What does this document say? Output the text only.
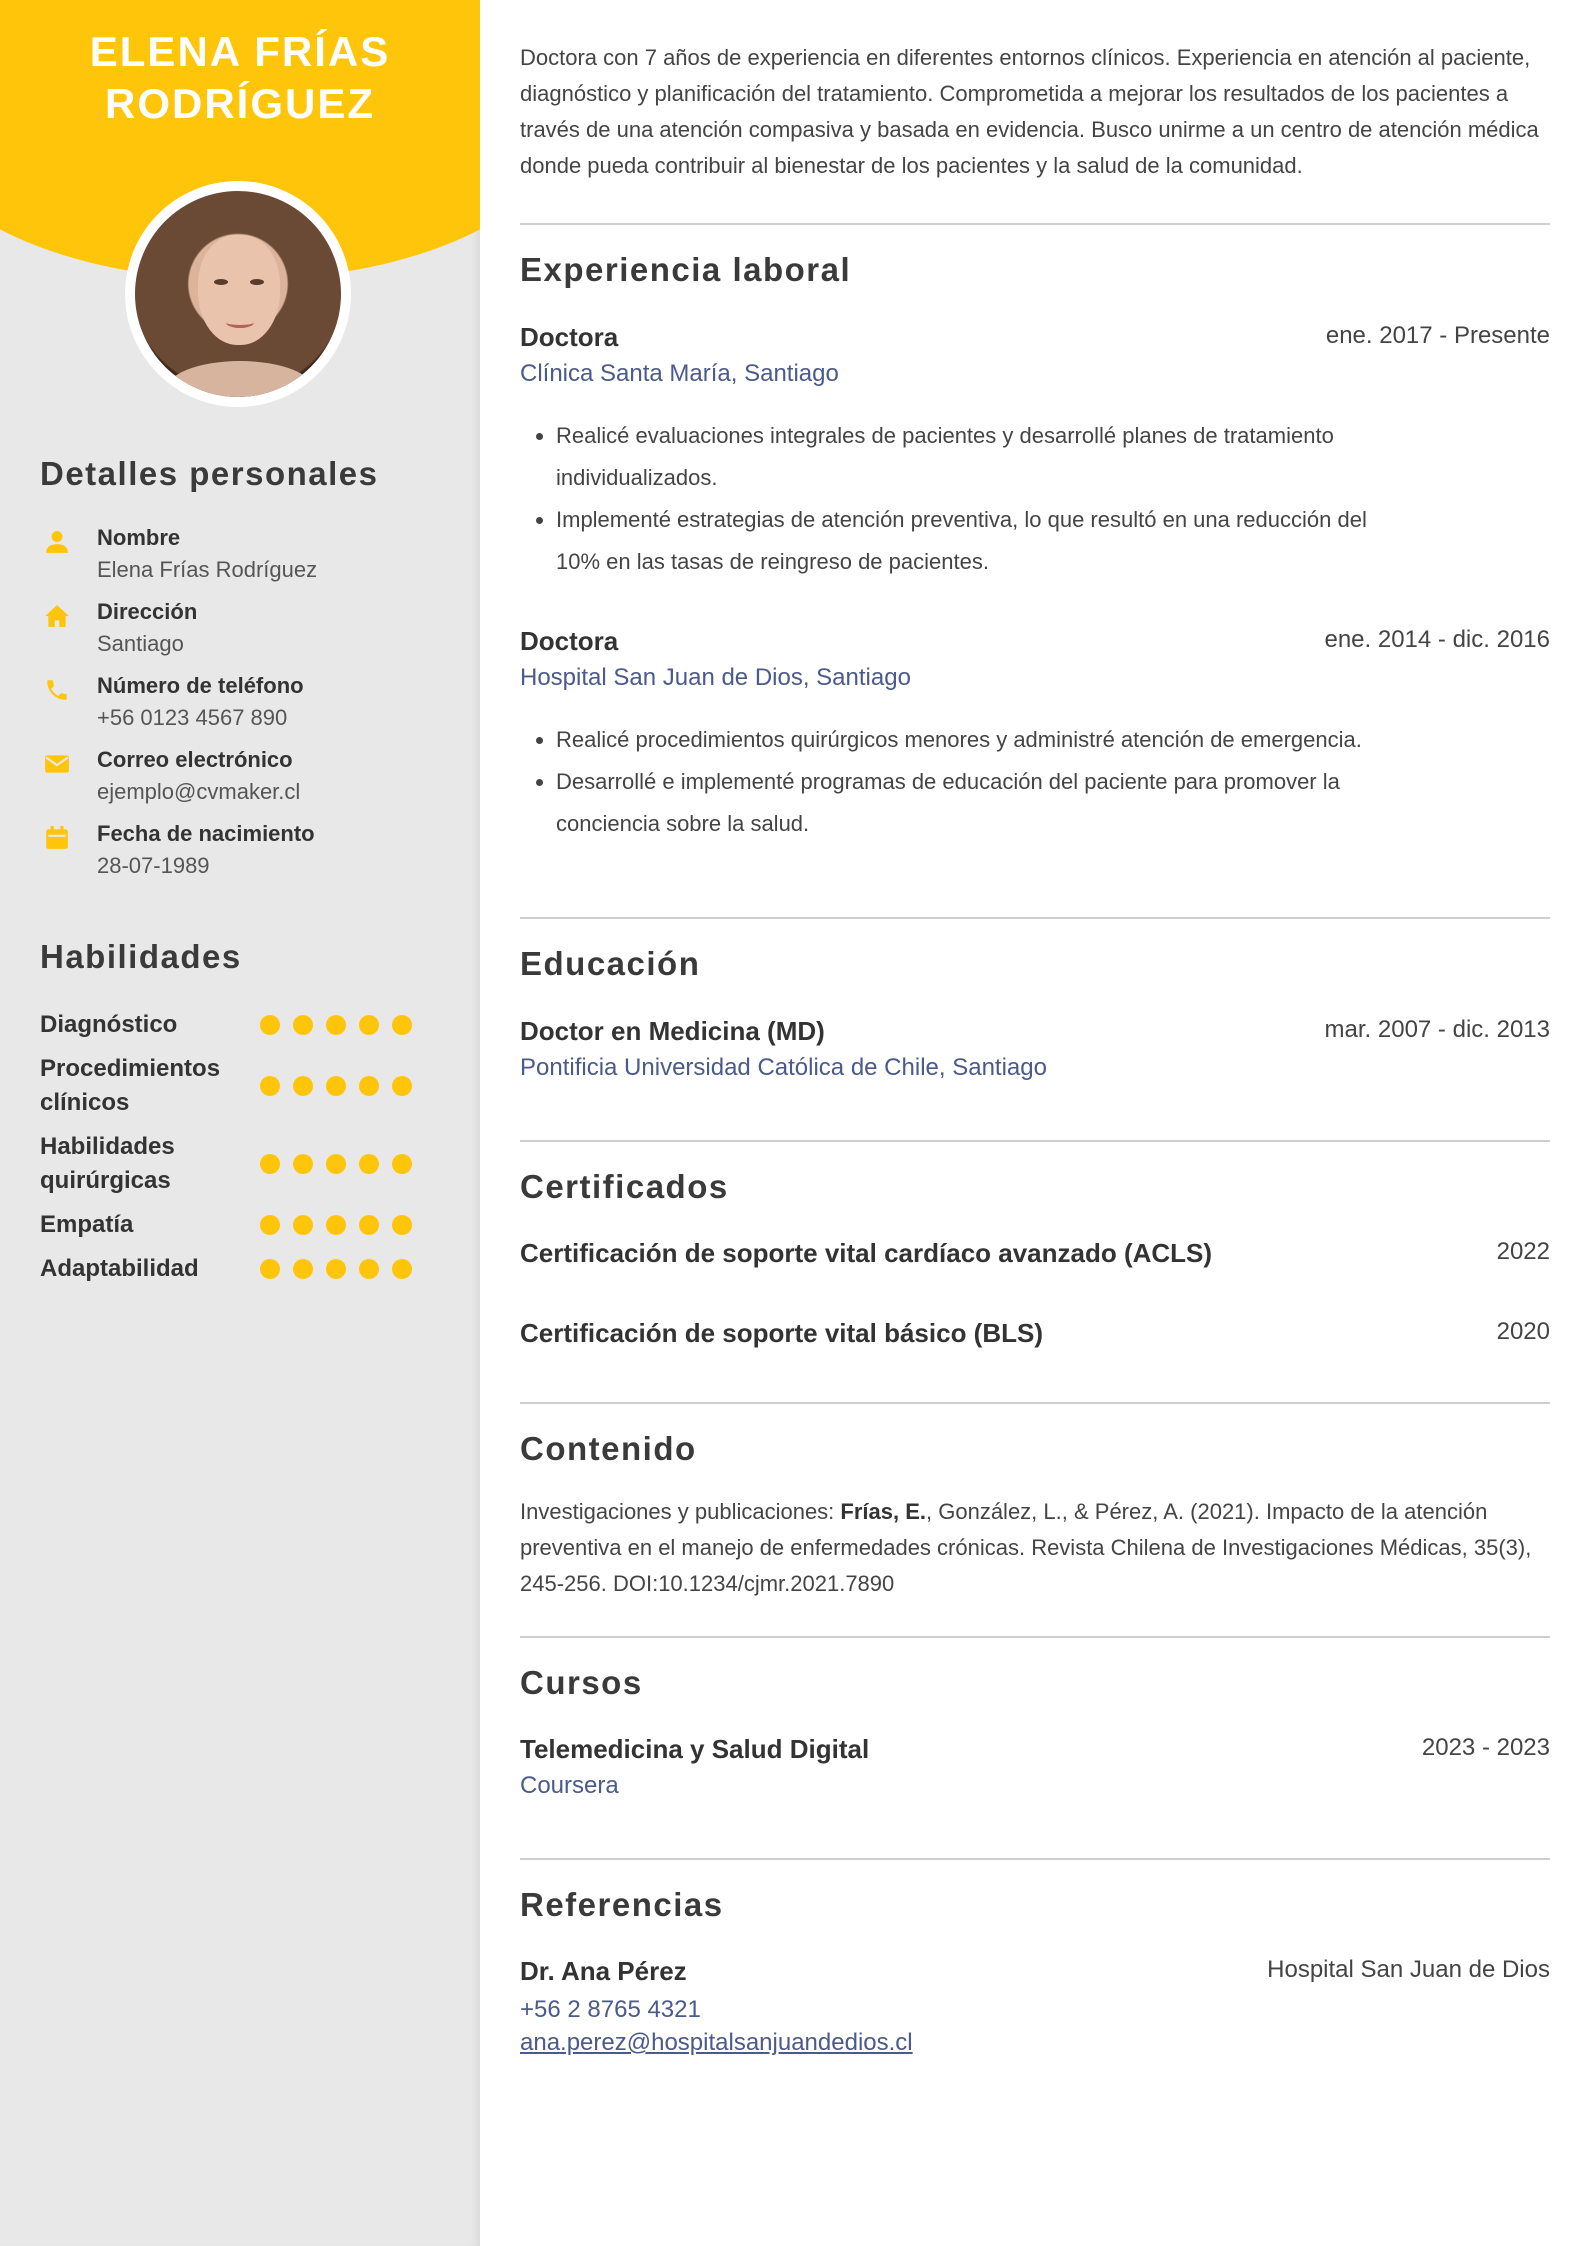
ELENA FRÍAS
RODRÍGUEZ
Detalles personales
Nombre
Elena Frías Rodríguez
Dirección
Santiago
Número de teléfono
+56 0123 4567 890
Correo electrónico
ejemplo@cvmaker.cl
Fecha de nacimiento
28-07-1989
Habilidades
Diagnóstico
Procedimientos
clínicos
Habilidades
quirúrgicas
Empatía
Adaptabilidad
Doctora con 7 años de experiencia en diferentes entornos clínicos. Experiencia en atención al paciente, diagnóstico y planificación del tratamiento. Comprometida a mejorar los resultados de los pacientes a través de una atención compasiva y basada en evidencia. Busco unirme a un centro de atención médica donde pueda contribuir al bienestar de los pacientes y la salud de la comunidad.
Experiencia laboral
Doctora	ene. 2017 - Presente
Clínica Santa María, Santiago
• Realicé evaluaciones integrales de pacientes y desarrollé planes de tratamiento individualizados.
• Implementé estrategias de atención preventiva, lo que resultó en una reducción del 10% en las tasas de reingreso de pacientes.
Doctora	ene. 2014 - dic. 2016
Hospital San Juan de Dios, Santiago
• Realicé procedimientos quirúrgicos menores y administré atención de emergencia.
• Desarrollé e implementé programas de educación del paciente para promover la conciencia sobre la salud.
Educación
Doctor en Medicina (MD)	mar. 2007 - dic. 2013
Pontificia Universidad Católica de Chile, Santiago
Certificados
Certificación de soporte vital cardíaco avanzado (ACLS)	2022
Certificación de soporte vital básico (BLS)	2020
Contenido
Investigaciones y publicaciones: Frías, E., González, L., & Pérez, A. (2021). Impacto de la atención preventiva en el manejo de enfermedades crónicas. Revista Chilena de Investigaciones Médicas, 35(3), 245-256. DOI:10.1234/cjmr.2021.7890
Cursos
Telemedicina y Salud Digital	2023 - 2023
Coursera
Referencias
Dr. Ana Pérez	Hospital San Juan de Dios
+56 2 8765 4321
ana.perez@hospitalsanjuandedios.cl
